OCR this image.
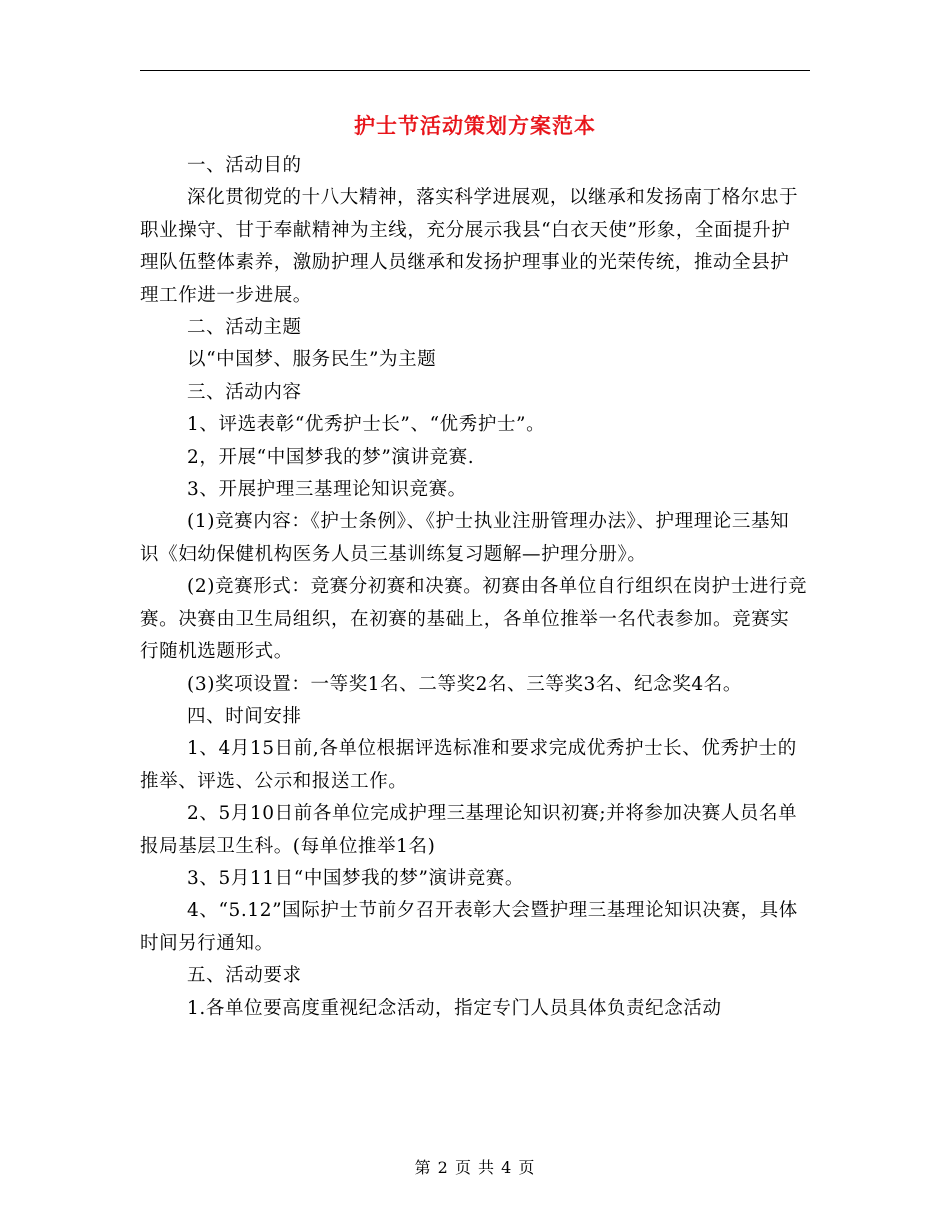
护士节活动策划方案范本

一、活动目的

深化贯彻党的十八大精神，落实科学进展观，以继承和发扬南丁格尔忠于职业操守、甘于奉献精神为主线，充分展示我县“白衣天使”形象，全面提升护理队伍整体素养，激励护理人员继承和发扬护理事业的光荣传统，推动全县护理工作进一步进展。

二、活动主题

以“中国梦、服务民生”为主题

三、活动内容

1、评选表彰“优秀护士长”、“优秀护士”。

2，开展“中国梦我的梦”演讲竞赛.

3、开展护理三基理论知识竞赛。

(1)竞赛内容：《护士条例》、《护士执业注册管理办法》、护理理论三基知识《妇幼保健机构医务人员三基训练复习题解—护理分册》。

(2)竞赛形式：竞赛分初赛和决赛。初赛由各单位自行组织在岗护士进行竞赛。决赛由卫生局组织，在初赛的基础上，各单位推举一名代表参加。竞赛实行随机选题形式。

(3)奖项设置：一等奖1名、二等奖2名、三等奖3名、纪念奖4名。

四、时间安排

1、4月15日前,各单位根据评选标准和要求完成优秀护士长、优秀护士的推举、评选、公示和报送工作。

2、5月10日前各单位完成护理三基理论知识初赛;并将参加决赛人员名单报局基层卫生科。(每单位推举1名)

3、5月11日“中国梦我的梦”演讲竞赛。

4、“5.12”国际护士节前夕召开表彰大会暨护理三基理论知识决赛，具体时间另行通知。

五、活动要求

1.各单位要高度重视纪念活动，指定专门人员具体负责纪念活动

第 2 页 共 4 页
